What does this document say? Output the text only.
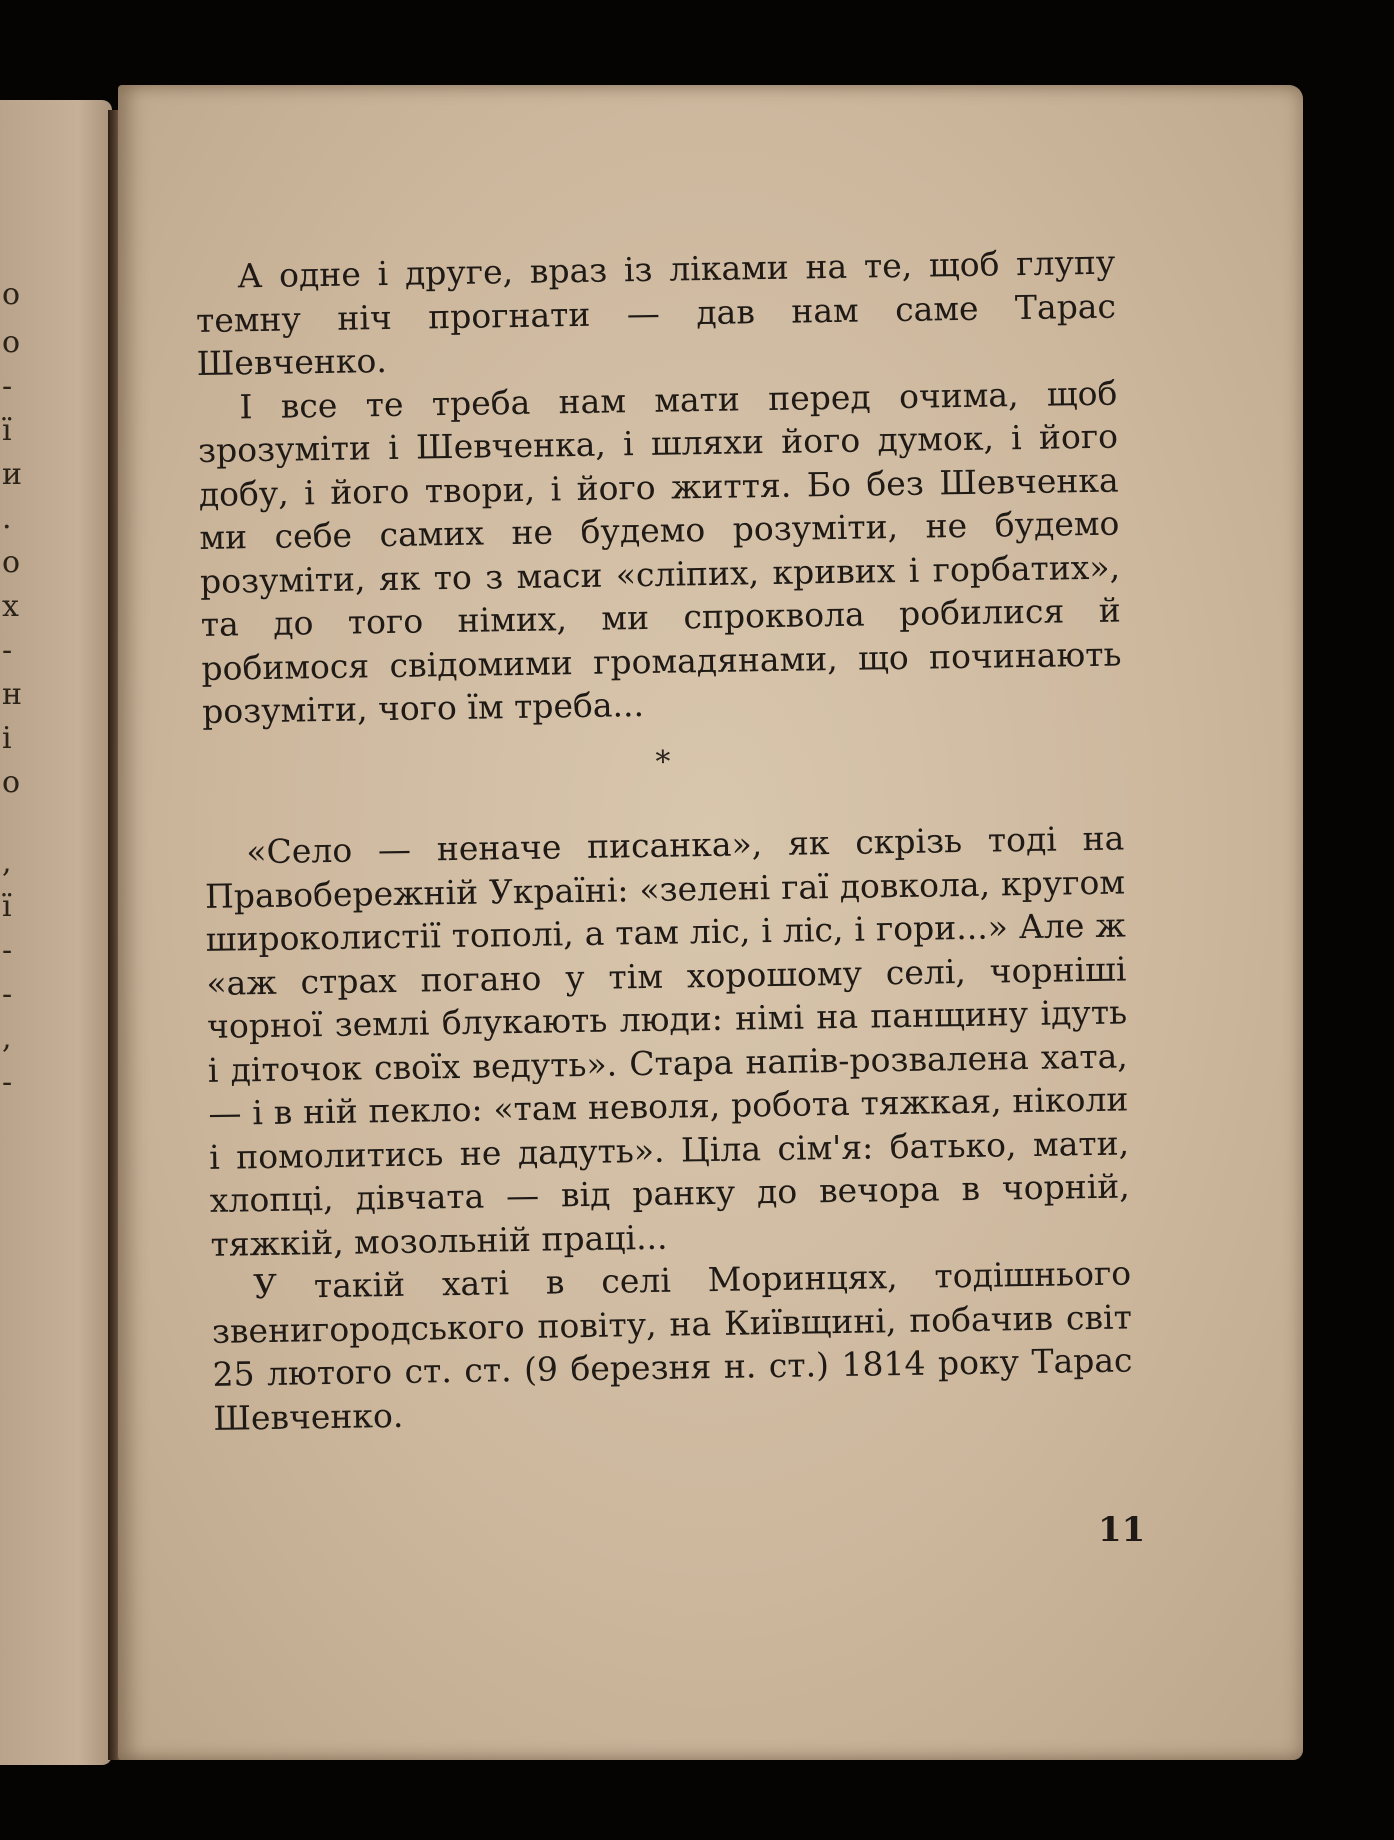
о
о
-
ї
и
.
о
х
-
н
і
о
,
ї
-
-
,
-

А одне і друге, враз із ліками на те, щоб глупу темну ніч прогнати — дав нам саме Тарас Шевченко.

І все те треба нам мати перед очима, щоб зрозуміти і Шевченка, і шляхи його думок, і його добу, і його твори, і його життя. Бо без Шевченка ми себе самих не будемо розуміти, не будемо розуміти, як то з маси «сліпих, кривих і горбатих», та до того німих, ми спроквола робилися й робимося свідомими громадянами, що починають розуміти, чого їм треба...

*

«Село — неначе писанка», як скрізь тоді на Правобережній Україні: «зелені гаї довкола, кругом широколистії тополі, а там ліс, і ліс, і гори...» Але ж «аж страх погано у тім хорошому селі, чорніші чорної землі блукають люди: німі на панщину ідуть і діточок своїх ведуть». Стара напів-розвалена хата, — і в ній пекло: «там неволя, робота тяжкая, ніколи і помолитись не дадуть». Ціла сім'я: батько, мати, хлопці, дівчата — від ранку до вечора в чорній, тяжкій, мозольній праці...

У такій хаті в селі Моринцях, тодішнього звенигородського повіту, на Київщині, побачив світ 25 лютого ст. ст. (9 березня н. ст.) 1814 року Тарас Шевченко.

11
